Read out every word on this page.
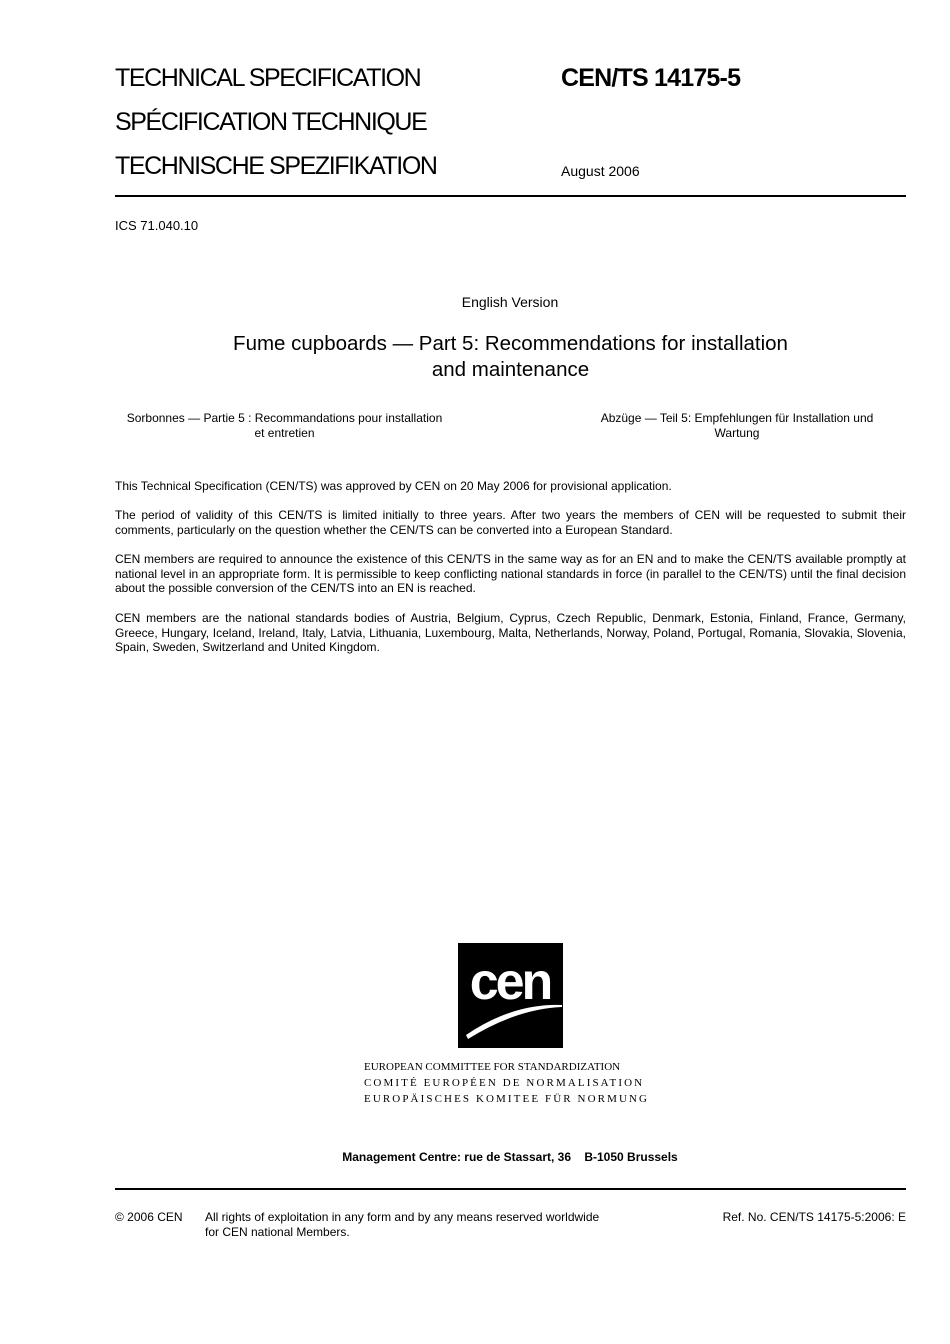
TECHNICAL SPECIFICATION
SPÉCIFICATION TECHNIQUE
TECHNISCHE SPEZIFIKATION
CEN/TS 14175-5
August 2006
ICS 71.040.10
English Version
Fume cupboards — Part 5: Recommendations for installation
and maintenance
Sorbonnes — Partie 5 : Recommandations pour installation
et entretien
Abzüge — Teil 5: Empfehlungen für Installation und
Wartung
This Technical Specification (CEN/TS) was approved by CEN on 20 May 2006 for provisional application.
The period of validity of this CEN/TS is limited initially to three years. After two years the members of CEN will be requested to submit their comments, particularly on the question whether the CEN/TS can be converted into a European Standard.
CEN members are required to announce the existence of this CEN/TS in the same way as for an EN and to make the CEN/TS available promptly at national level in an appropriate form. It is permissible to keep conflicting national standards in force (in parallel to the CEN/TS) until the final decision about the possible conversion of the CEN/TS into an EN is reached.
CEN members are the national standards bodies of Austria, Belgium, Cyprus, Czech Republic, Denmark, Estonia, Finland, France, Germany, Greece, Hungary, Iceland, Ireland, Italy, Latvia, Lithuania, Luxembourg, Malta, Netherlands, Norway, Poland, Portugal, Romania, Slovakia, Slovenia, Spain, Sweden, Switzerland and United Kingdom.
cen
EUROPEAN COMMITTEE FOR STANDARDIZATION
COMITÉ EUROPÉEN DE NORMALISATION
EUROPÄISCHES KOMITEE FÜR NORMUNG
Management Centre: rue de Stassart, 36    B-1050 Brussels
© 2006 CEN All rights of exploitation in any form and by any means reserved worldwide
for CEN national Members.
Ref. No. CEN/TS 14175-5:2006: E
